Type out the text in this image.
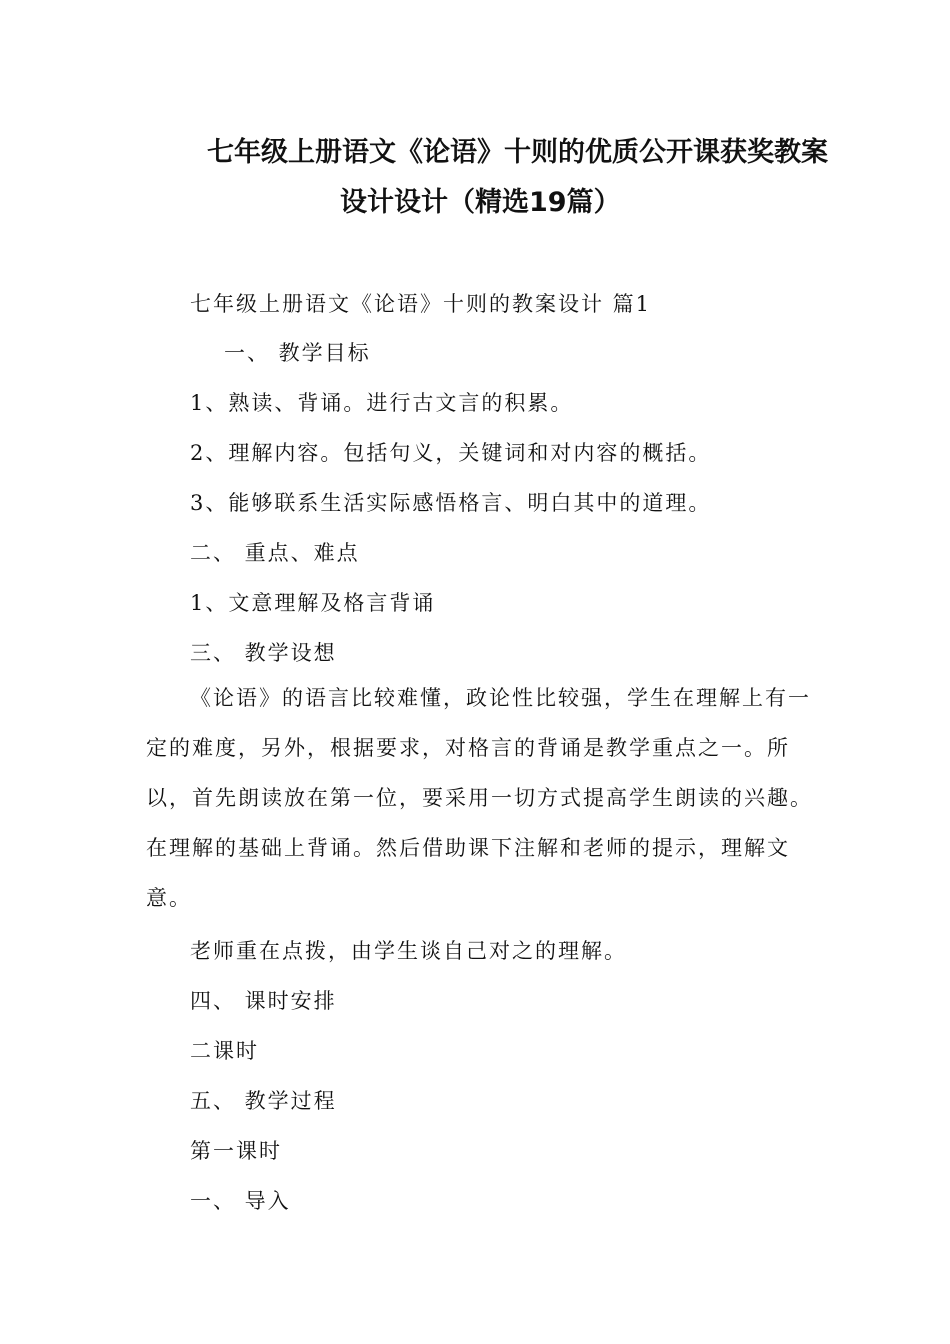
七年级上册语文《论语》十则的优质公开课获奖教案
设计设计（精选19篇）
七年级上册语文《论语》十则的教案设计 篇1
一、 教学目标
1、熟读、背诵。进行古文言的积累。
2、理解内容。包括句义，关键词和对内容的概括。
3、能够联系生活实际感悟格言、明白其中的道理。
二、 重点、难点
1、文意理解及格言背诵
三、 教学设想
《论语》的语言比较难懂，政论性比较强，学生在理解上有一
定的难度，另外，根据要求，对格言的背诵是教学重点之一。所
以，首先朗读放在第一位，要采用一切方式提高学生朗读的兴趣。
在理解的基础上背诵。然后借助课下注解和老师的提示，理解文
意。
老师重在点拨，由学生谈自己对之的理解。
四、 课时安排
二课时
五、 教学过程
第一课时
一、 导入
